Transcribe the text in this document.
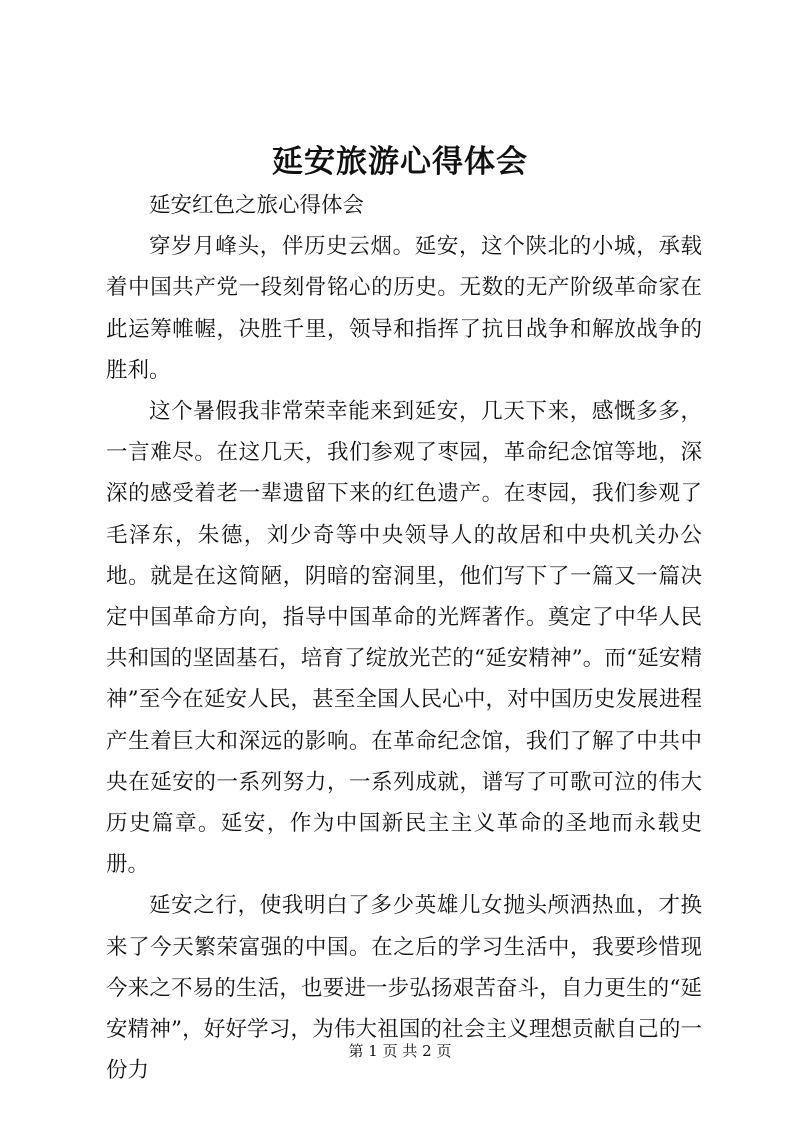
延安旅游心得体会

延安红色之旅心得体会

穿岁月峰头，伴历史云烟。延安，这个陕北的小城，承载着中国共产党一段刻骨铭心的历史。无数的无产阶级革命家在此运筹帷幄，决胜千里，领导和指挥了抗日战争和解放战争的胜利。

这个暑假我非常荣幸能来到延安，几天下来，感慨多多，一言难尽。在这几天，我们参观了枣园，革命纪念馆等地，深深的感受着老一辈遗留下来的红色遗产。在枣园，我们参观了毛泽东，朱德，刘少奇等中央领导人的故居和中央机关办公地。就是在这简陋，阴暗的窑洞里，他们写下了一篇又一篇决定中国革命方向，指导中国革命的光辉著作。奠定了中华人民共和国的坚固基石，培育了绽放光芒的“延安精神”。而“延安精神”至今在延安人民，甚至全国人民心中，对中国历史发展进程产生着巨大和深远的影响。在革命纪念馆，我们了解了中共中央在延安的一系列努力，一系列成就，谱写了可歌可泣的伟大历史篇章。延安，作为中国新民主主义革命的圣地而永载史册。

延安之行，使我明白了多少英雄儿女抛头颅洒热血，才换来了今天繁荣富强的中国。在之后的学习生活中，我要珍惜现今来之不易的生活，也要进一步弘扬艰苦奋斗，自力更生的“延安精神”，好好学习，为伟大祖国的社会主义理想贡献自己的一份力

第 1 页 共 2 页
